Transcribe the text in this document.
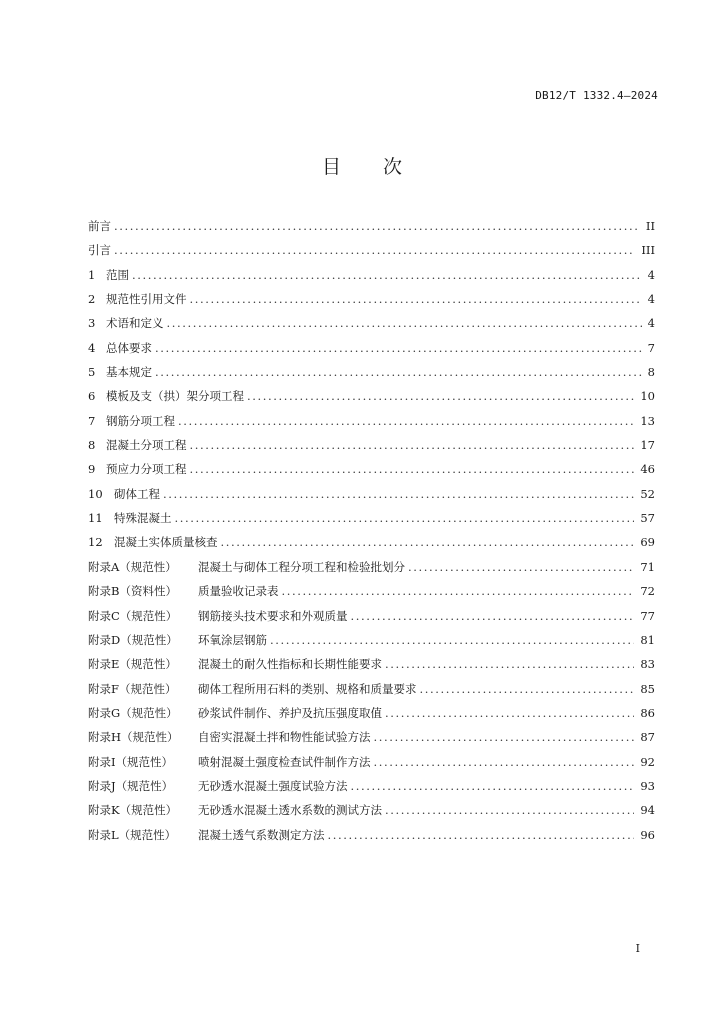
DB12/T 1332.4—2024
目 次
前言 .....	II
引言 .....	III
1 范围 .....	4
2 规范性引用文件 .....	4
3 术语和定义 .....	4
4 总体要求 .....	7
5 基本规定 .....	8
6 模板及支（拱）架分项工程 .....	10
7 钢筋分项工程 .....	13
8 混凝土分项工程 .....	17
9 预应力分项工程 .....	46
10 砌体工程 .....	52
11 特殊混凝土 .....	57
12 混凝土实体质量核查 .....	69
附录A（规范性）	混凝土与砌体工程分项工程和检验批划分 .....	71
附录B（资料性）	质量验收记录表 .....	72
附录C（规范性）	钢筋接头技术要求和外观质量 .....	77
附录D（规范性）	环氧涂层钢筋 .....	81
附录E（规范性）	混凝土的耐久性指标和长期性能要求 .....	83
附录F（规范性）	砌体工程所用石料的类别、规格和质量要求 .....	85
附录G（规范性）	砂浆试件制作、养护及抗压强度取值 .....	86
附录H（规范性）	自密实混凝土拌和物性能试验方法 .....	87
附录I（规范性）	喷射混凝土强度检查试件制作方法 .....	92
附录J（规范性）	无砂透水混凝土强度试验方法 .....	93
附录K（规范性）	无砂透水混凝土透水系数的测试方法 .....	94
附录L（规范性）	混凝土透气系数测定方法 .....	96
I
